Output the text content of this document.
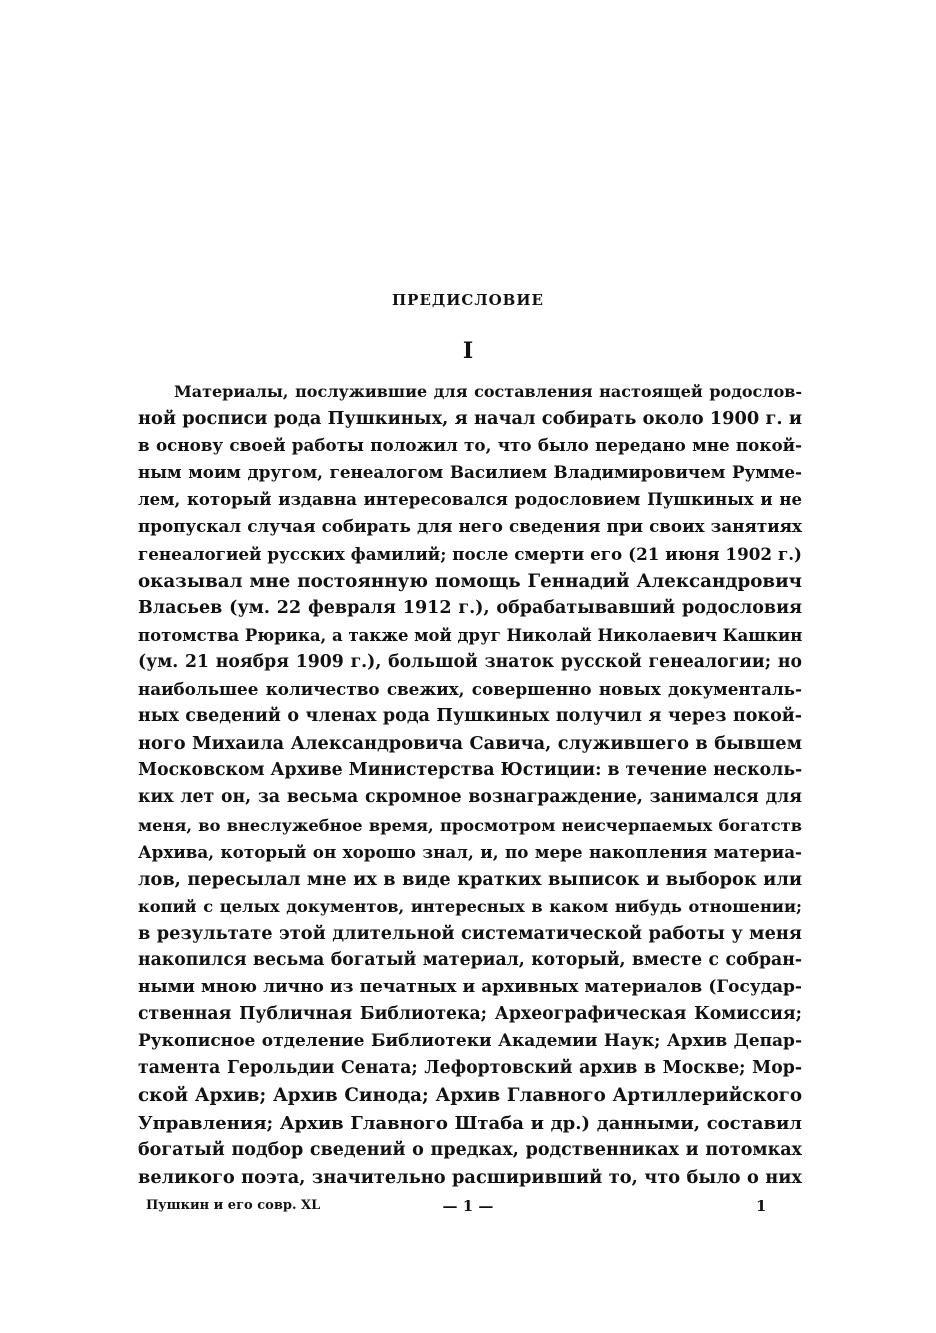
ПРЕДИСЛОВИЕ
I
Материалы, послужившие для составления настоящей родослов-
ной росписи рода Пушкиных, я начал собирать около 1900 г. и
в основу своей работы положил то, что было передано мне покой-
ным моим другом, генеалогом Василием Владимировичем Румме-
лем, который издавна интересовался родословием Пушкиных и не
пропускал случая собирать для него сведения при своих занятиях
генеалогией русских фамилий; после смерти его (21 июня 1902 г.)
оказывал мне постоянную помощь Геннадий Александрович
Власьев (ум. 22 февраля 1912 г.), обрабатывавший родословия
потомства Рюрика, а также мой друг Николай Николаевич Кашкин
(ум. 21 ноября 1909 г.), большой знаток русской генеалогии; но
наибольшее количество свежих, совершенно новых документаль-
ных сведений о членах рода Пушкиных получил я через покой-
ного Михаила Александровича Савича, служившего в бывшем
Московском Архиве Министерства Юстиции: в течение несколь-
ких лет он, за весьма скромное вознаграждение, занимался для
меня, во внеслужебное время, просмотром неисчерпаемых богатств
Архива, который он хорошо знал, и, по мере накопления материа-
лов, пересылал мне их в виде кратких выписок и выборок или
копий с целых документов, интересных в каком нибудь отношении;
в результате этой длительной систематической работы у меня
накопился весьма богатый материал, который, вместе с собран-
ными мною лично из печатных и архивных материалов (Государ-
ственная Публичная Библиотека; Археографическая Комиссия;
Рукописное отделение Библиотеки Академии Наук; Архив Депар-
тамента Герольдии Сената; Лефортовский архив в Москве; Мор-
ской Архив; Архив Синода; Архив Главного Артиллерийского
Управления; Архив Главного Штаба и др.) данными, составил
богатый подбор сведений о предках, родственниках и потомках
великого поэта, значительно расширивший то, что было о них
Пушкин и его совр. XL	— 1 —	1
